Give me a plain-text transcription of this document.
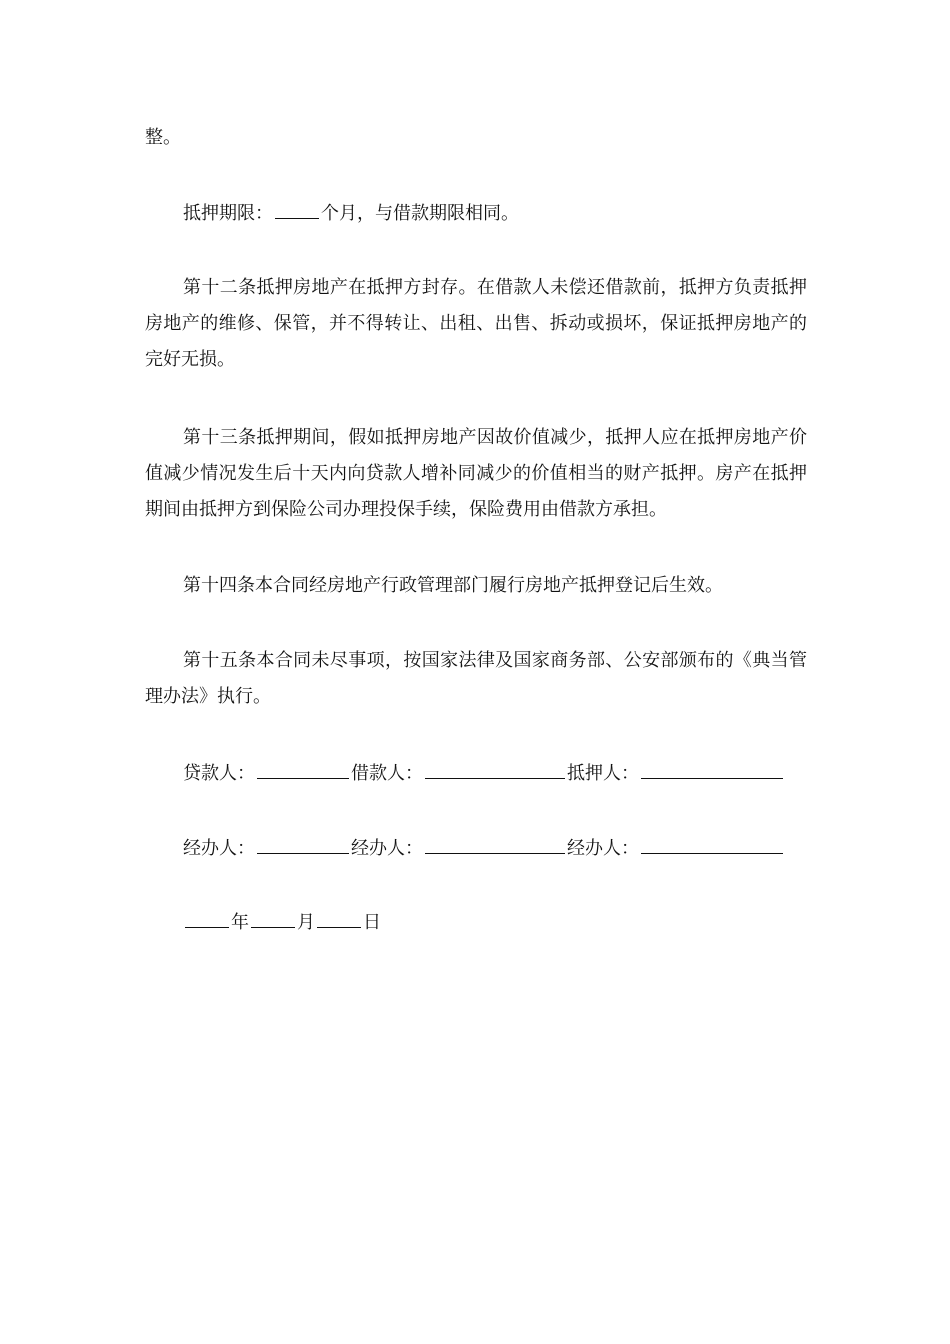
整。

抵押期限：	个月，与借款期限相同。

第十二条抵押房地产在抵押方封存。在借款人未偿还借款前，抵押方负责抵押房地产的维修、保管，并不得转让、出租、出售、拆动或损坏，保证抵押房地产的完好无损。

第十三条抵押期间，假如抵押房地产因故价值减少，抵押人应在抵押房地产价值减少情况发生后十天内向贷款人增补同减少的价值相当的财产抵押。房产在抵押期间由抵押方到保险公司办理投保手续，保险费用由借款方承担。

第十四条本合同经房地产行政管理部门履行房地产抵押登记后生效。

第十五条本合同未尽事项，按国家法律及国家商务部、公安部颁布的《典当管理办法》执行。

贷款人：	借款人：	抵押人：
经办人：	经办人：	经办人：
年	月	日
